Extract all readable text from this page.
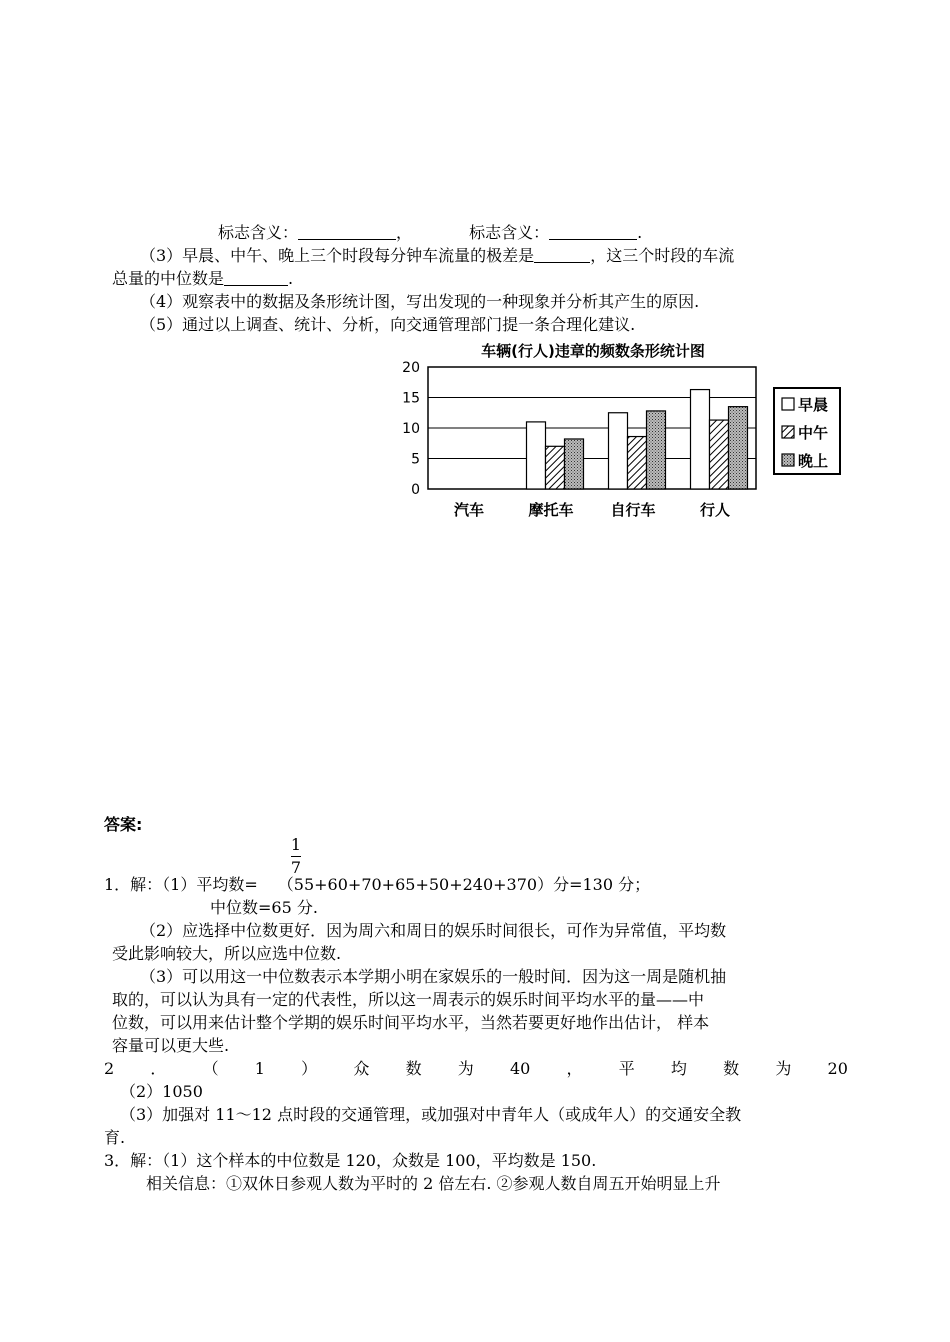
标志含义：	，	标志含义：	.
（3）早晨、中午、晚上三个时段每分钟车流量的极差是	，这三个时段的车流
总量的中位数是	.
（4）观察表中的数据及条形统计图，写出发现的一种现象并分析其产生的原因.
（5）通过以上调查、统计、分析，向交通管理部门提一条合理化建议.
车辆(行人)违章的频数条形统计图
0
5
10
15
20
汽车	摩托车 自行车	行人
早晨
中午
晚上
答案:
1
7
1．解：（1）平均数= （55+60+70+65+50+240+370）分=130 分；
中位数=65 分.
（2）应选择中位数更好．因为周六和周日的娱乐时间很长，可作为异常值，平均数
受此影响较大，所以应选中位数.
（3）可以用这一中位数表示本学期小明在家娱乐的一般时间．因为这一周是随机抽
取的，可以认为具有一定的代表性，所以这一周表示的娱乐时间平均水平的量——中
位数，可以用来估计整个学期的娱乐时间平均水平，当然若要更好地作出估计， 样本
容量可以更大些.
2 ． （ 1 ） 众 数 为 40 ， 平 均 数 为 20
（2）1050
（3）加强对 11～12 点时段的交通管理，或加强对中青年人（或成年人）的交通安全教
育.
3．解：（1）这个样本的中位数是 120，众数是 100，平均数是 150.
相关信息：①双休日参观人数为平时的 2 倍左右. ②参观人数自周五开始明显上升
